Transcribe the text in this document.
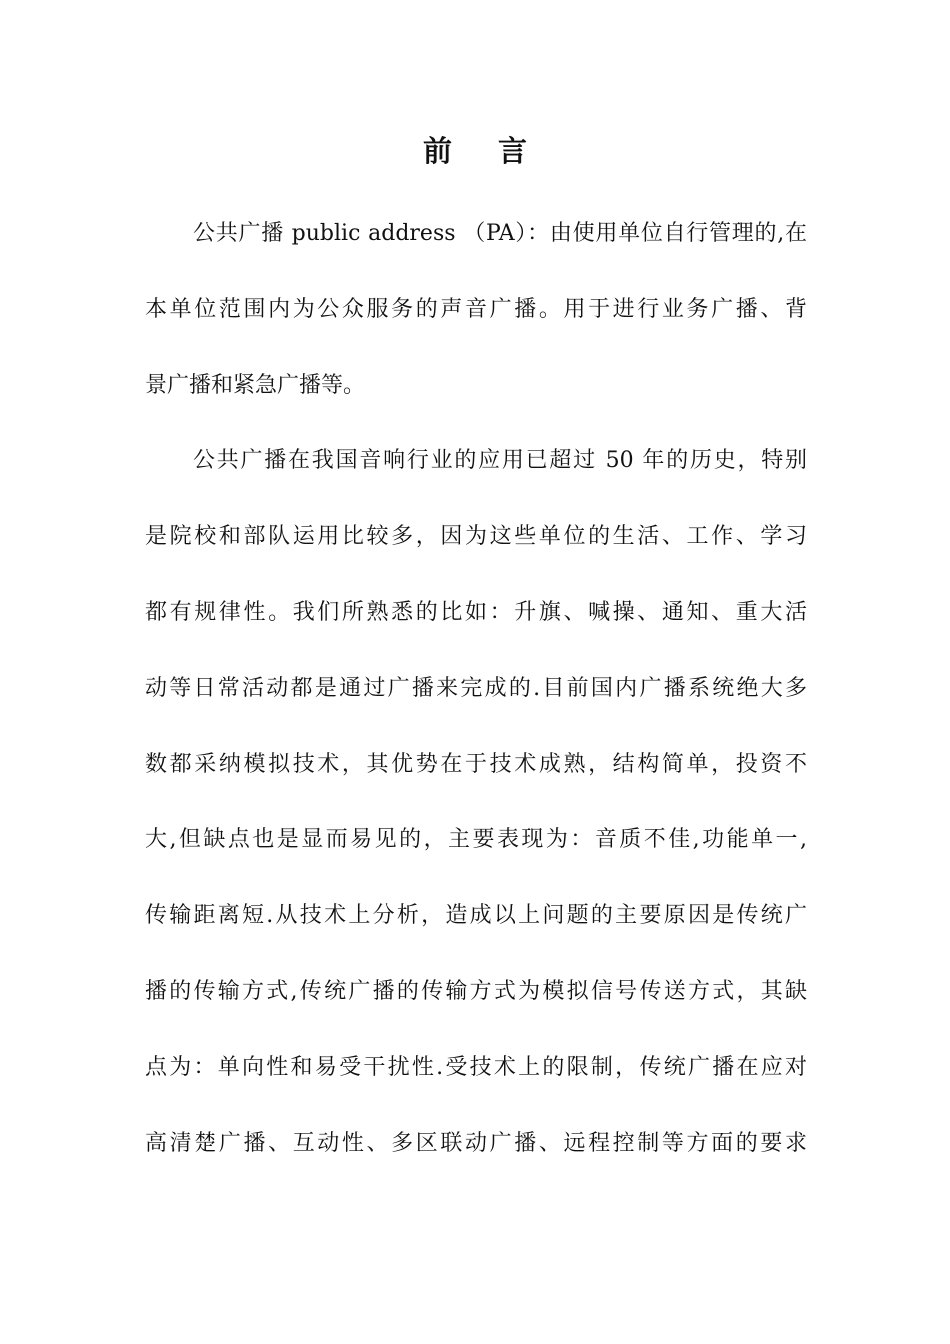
前 言

公共广播 public address （PA）：由使用单位自行管理的,在
本单位范围内为公众服务的声音广播。用于进行业务广播、背
景广播和紧急广播等。

公共广播在我国音响行业的应用已超过 50 年的历史，特别
是院校和部队运用比较多，因为这些单位的生活、工作、学习
都有规律性。我们所熟悉的比如：升旗、喊操、通知、重大活
动等日常活动都是通过广播来完成的.目前国内广播系统绝大多
数都采纳模拟技术，其优势在于技术成熟，结构简单，投资不
大,但缺点也是显而易见的，主要表现为：音质不佳,功能单一,
传输距离短.从技术上分析，造成以上问题的主要原因是传统广
播的传输方式,传统广播的传输方式为模拟信号传送方式，其缺
点为：单向性和易受干扰性.受技术上的限制，传统广播在应对
高清楚广播、互动性、多区联动广播、远程控制等方面的要求
